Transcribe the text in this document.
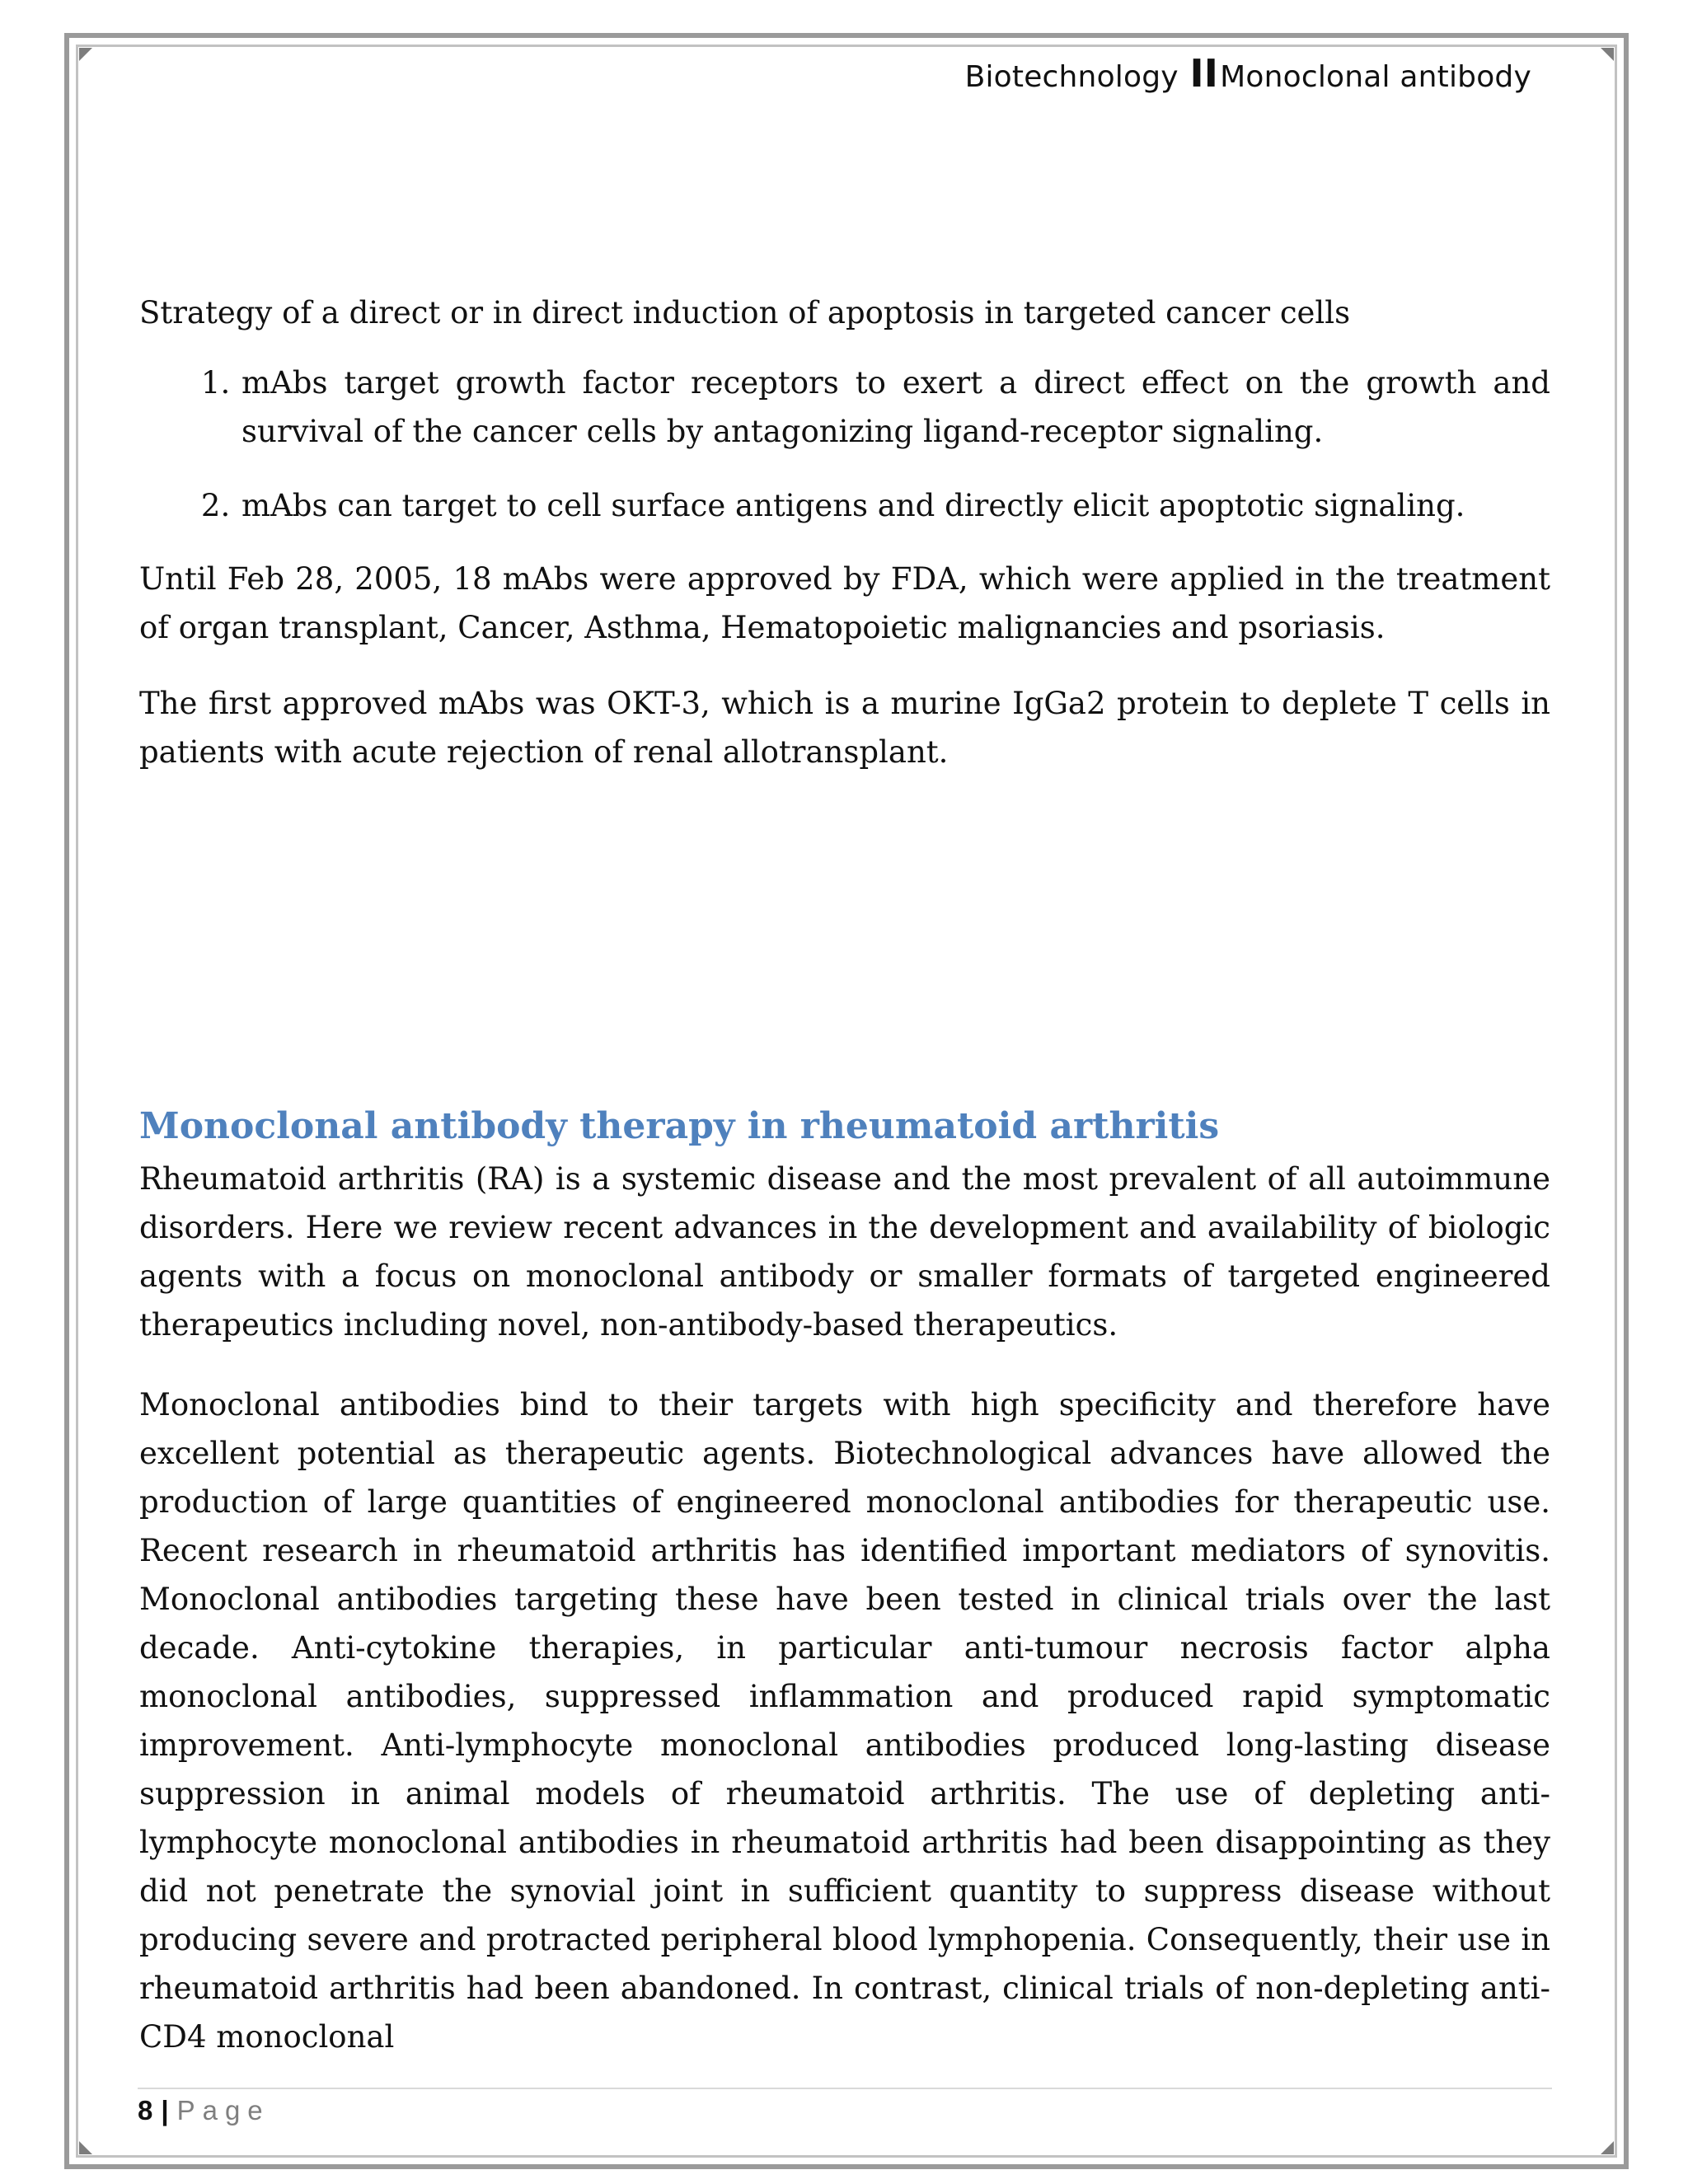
Biotechnology IIMonoclonal antibody

Strategy of a direct or in direct induction of apoptosis in targeted cancer cells

1. mAbs target growth factor receptors to exert a direct effect on the growth and survival of the cancer cells by antagonizing ligand-receptor signaling.
2. mAbs can target to cell surface antigens and directly elicit apoptotic signaling.

Until Feb 28, 2005, 18 mAbs were approved by FDA, which were applied in the treatment of organ transplant, Cancer, Asthma, Hematopoietic malignancies and psoriasis.

The first approved mAbs was OKT-3, which is a murine IgGa2 protein to deplete T cells in patients with acute rejection of renal allotransplant.

Monoclonal antibody therapy in rheumatoid arthritis

Rheumatoid arthritis (RA) is a systemic disease and the most prevalent of all autoimmune disorders. Here we review recent advances in the development and availability of biologic agents with a focus on monoclonal antibody or smaller formats of targeted engineered therapeutics including novel, non-antibody-based therapeutics.

Monoclonal antibodies bind to their targets with high specificity and therefore have excellent potential as therapeutic agents. Biotechnological advances have allowed the production of large quantities of engineered monoclonal antibodies for therapeutic use. Recent research in rheumatoid arthritis has identified important mediators of synovitis. Monoclonal antibodies targeting these have been tested in clinical trials over the last decade. Anti-cytokine therapies, in particular anti-tumour necrosis factor alpha monoclonal antibodies, suppressed inflammation and produced rapid symptomatic improvement. Anti-lymphocyte monoclonal antibodies produced long-lasting disease suppression in animal models of rheumatoid arthritis. The use of depleting anti-lymphocyte monoclonal antibodies in rheumatoid arthritis had been disappointing as they did not penetrate the synovial joint in sufficient quantity to suppress disease without producing severe and protracted peripheral blood lymphopenia. Consequently, their use in rheumatoid arthritis had been abandoned. In contrast, clinical trials of non-depleting anti-CD4 monoclonal

8 | Page
